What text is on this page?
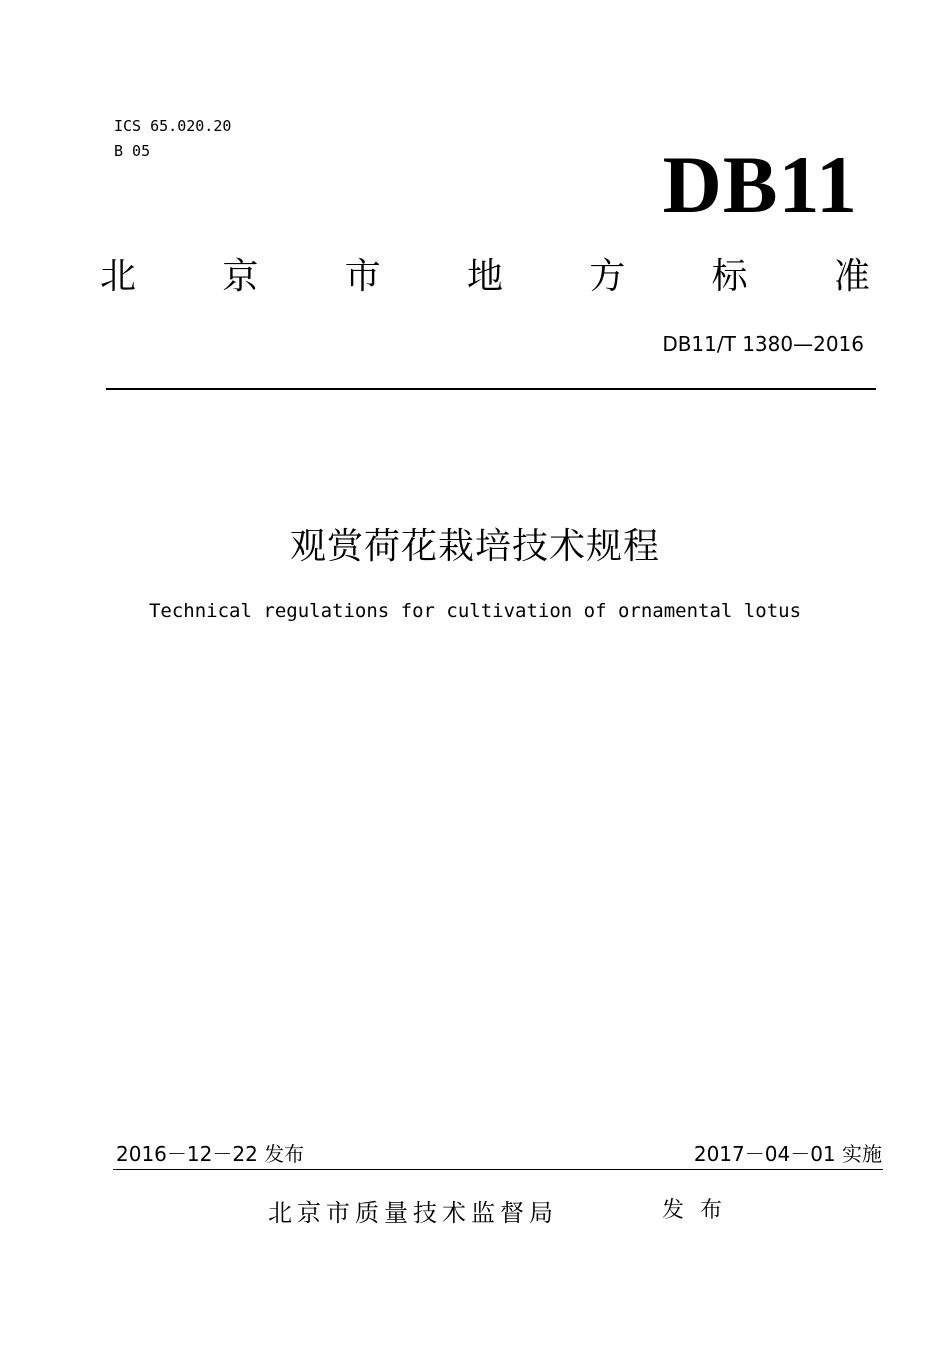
ICS 65.020.20
B 05	DB11
北 京 市 地 方 标 准
DB11/T 1380—2016
观赏荷花栽培技术规程
Technical regulations for cultivation of ornamental lotus
2016－12－22 发布	2017－04－01 实施
北京市质量技术监督局	发布
